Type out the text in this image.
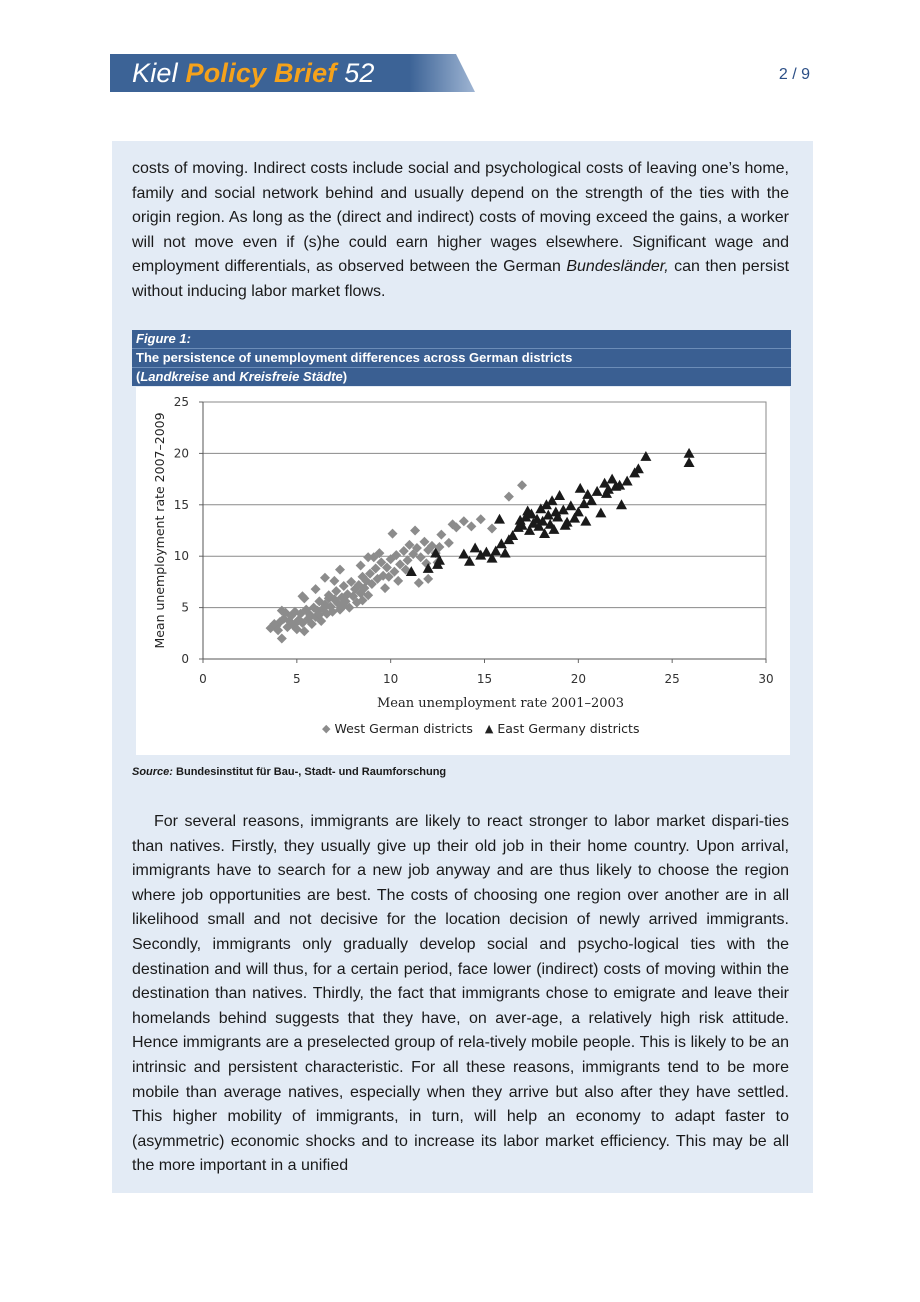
Kiel Policy Brief 52	2 / 9

costs of moving. Indirect costs include social and psychological costs of leaving one’s home, family and social network behind and usually depend on the strength of the ties with the origin region. As long as the (direct and indirect) costs of moving exceed the gains, a worker will not move even if (s)he could earn higher wages elsewhere. Significant wage and employment differentials, as observed between the German Bundesländer, can then persist without inducing labor market flows.

Figure 1:
The persistence of unemployment differences across German districts
(Landkreise and Kreisfreie Städte)
0
5
10
15
20
25
0	5	10	15	20	25	30
Mean unemployment rate 2007–2009
Mean unemployment rate 2001–2003
◆ West German districts ▲ East Germany districts
Source: Bundesinstitut für Bau-, Stadt- und Raumforschung

For several reasons, immigrants are likely to react stronger to labor market dispari-ties than natives. Firstly, they usually give up their old job in their home country. Upon arrival, immigrants have to search for a new job anyway and are thus likely to choose the region where job opportunities are best. The costs of choosing one region over another are in all likelihood small and not decisive for the location decision of newly arrived immigrants. Secondly, immigrants only gradually develop social and psycho-logical ties with the destination and will thus, for a certain period, face lower (indirect) costs of moving within the destination than natives. Thirdly, the fact that immigrants chose to emigrate and leave their homelands behind suggests that they have, on aver-age, a relatively high risk attitude. Hence immigrants are a preselected group of rela-tively mobile people. This is likely to be an intrinsic and persistent characteristic. For all these reasons, immigrants tend to be more mobile than average natives, especially when they arrive but also after they have settled. This higher mobility of immigrants, in turn, will help an economy to adapt faster to (asymmetric) economic shocks and to increase its labor market efficiency. This may be all the more important in a unified
